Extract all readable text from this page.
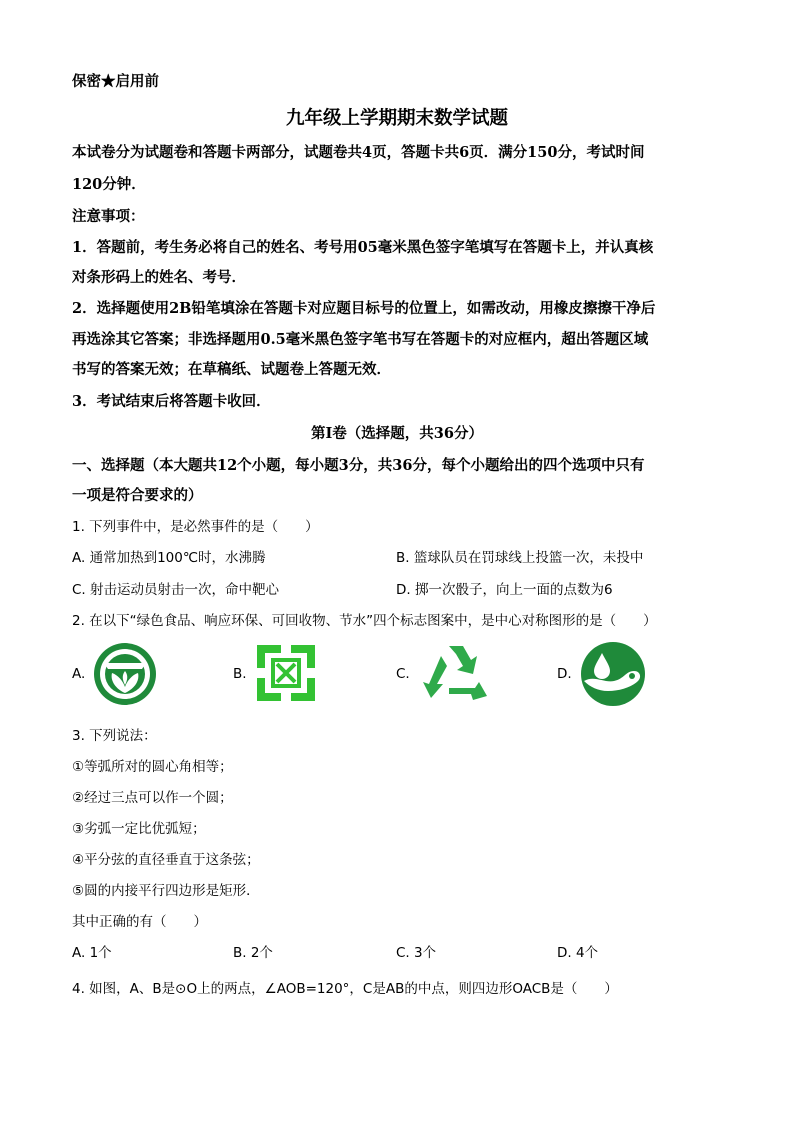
保密★启用前
九年级上学期期末数学试题
本试卷分为试题卷和答题卡两部分，试题卷共4页，答题卡共6页．满分150分，考试时间
120分钟．
注意事项：
1．答题前，考生务必将自己的姓名、考号用05毫米黑色签字笔填写在答题卡上，并认真核
对条形码上的姓名、考号．
2．选择题使用2B铅笔填涂在答题卡对应题目标号的位置上，如需改动，用橡皮擦擦干净后
再选涂其它答案；非选择题用0.5毫米黑色签字笔书写在答题卡的对应框内，超出答题区域
书写的答案无效；在草稿纸、试题卷上答题无效．
3．考试结束后将答题卡收回．
第Ⅰ卷（选择题，共36分）
一、选择题（本大题共12个小题，每小题3分，共36分，每个小题给出的四个选项中只有
一项是符合要求的）
1. 下列事件中，是必然事件的是（　　）
A. 通常加热到100℃时，水沸腾	B. 篮球队员在罚球线上投篮一次，未投中
C. 射击运动员射击一次，命中靶心	D. 掷一次骰子，向上一面的点数为6
2. 在以下“绿色食品、响应环保、可回收物、节水”四个标志图案中，是中心对称图形的是（　　）
A.	B.	C.	D.
3. 下列说法：
①等弧所对的圆心角相等；
②经过三点可以作一个圆；
③劣弧一定比优弧短；
④平分弦的直径垂直于这条弦；
⑤圆的内接平行四边形是矩形．
其中正确的有（　　）
A. 1个	B. 2个	C. 3个	D. 4个
4. 如图，A、B是⊙O上的两点，∠AOB=120°，C是AB的中点，则四边形OACB是（　　）
